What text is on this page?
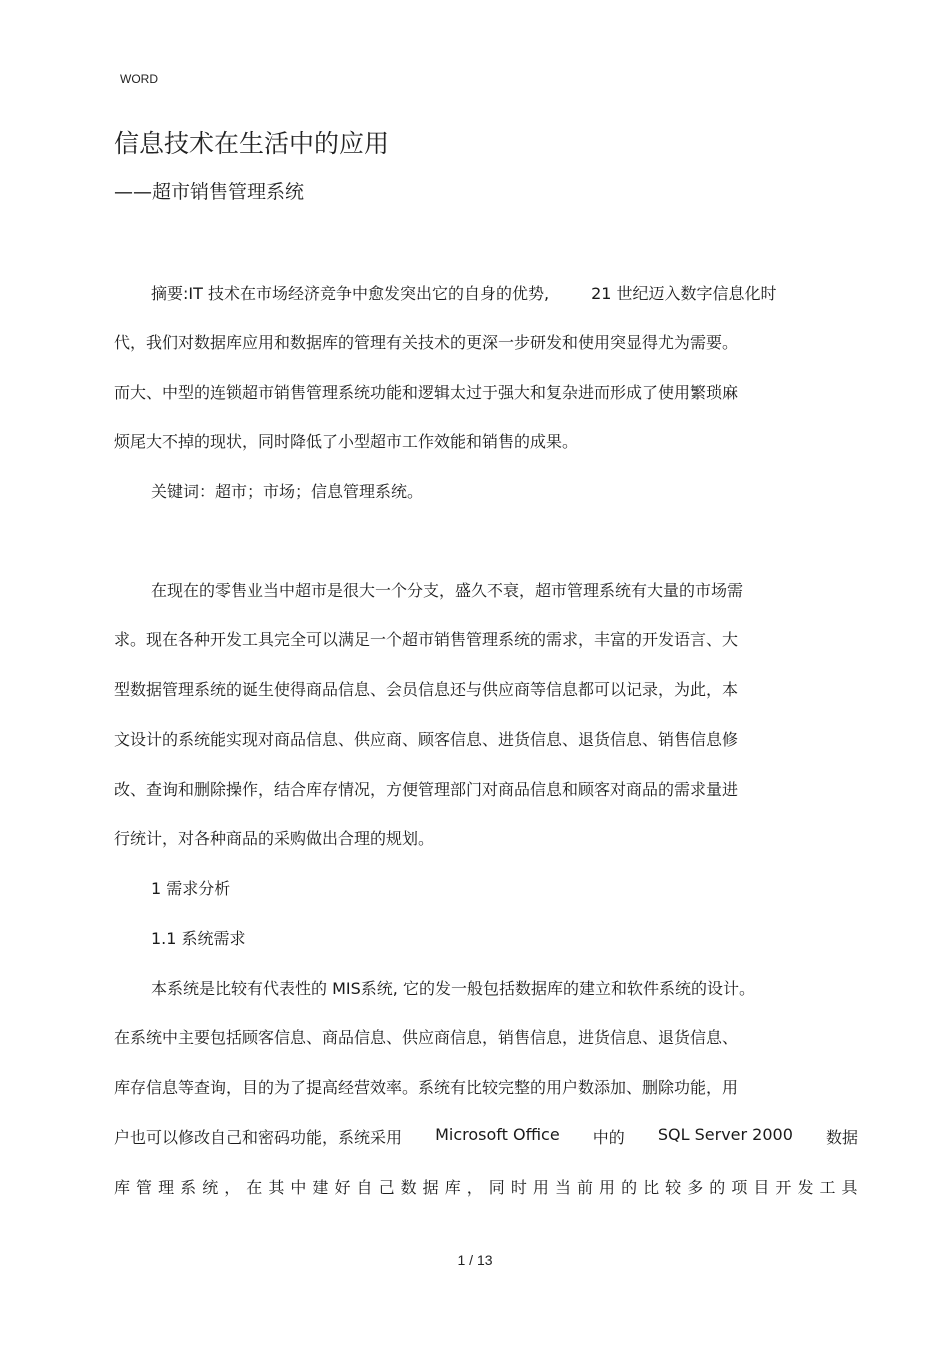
WORD
信息技术在生活中的应用
——超市销售管理系统
摘要:IT 技术在市场经济竞争中愈发突出它的自身的优势,	21 世纪迈入数字信息化时
代，我们对数据库应用和数据库的管理有关技术的更深一步研发和使用突显得尤为需要。
而大、中型的连锁超市销售管理系统功能和逻辑太过于强大和复杂进而形成了使用繁琐麻
烦尾大不掉的现状，同时降低了小型超市工作效能和销售的成果。
关键词：超市；市场；信息管理系统。
在现在的零售业当中超市是很大一个分支，盛久不衰，超市管理系统有大量的市场需
求。现在各种开发工具完全可以满足一个超市销售管理系统的需求，丰富的开发语言、大
型数据管理系统的诞生使得商品信息、会员信息还与供应商等信息都可以记录，为此，本
文设计的系统能实现对商品信息、供应商、顾客信息、进货信息、退货信息、销售信息修
改、查询和删除操作，结合库存情况，方便管理部门对商品信息和顾客对商品的需求量进
行统计，对各种商品的采购做出合理的规划。
1 需求分析
1.1 系统需求
本系统是比较有代表性的 MIS系统, 它的发一般包括数据库的建立和软件系统的设计。
在系统中主要包括顾客信息、商品信息、供应商信息，销售信息，进货信息、退货信息、
库存信息等查询，目的为了提高经营效率。系统有比较完整的用户数添加、删除功能，用
户也可以修改自己和密码功能，系统采用 Microsoft Office 中的 SQL Server 2000 数据
库 管 理 系 统 ， 在 其 中 建 好 自 己 数 据 库 ， 同 时 用 当 前 用 的 比 较 多 的 项 目 开 发 工 具
1 / 13
